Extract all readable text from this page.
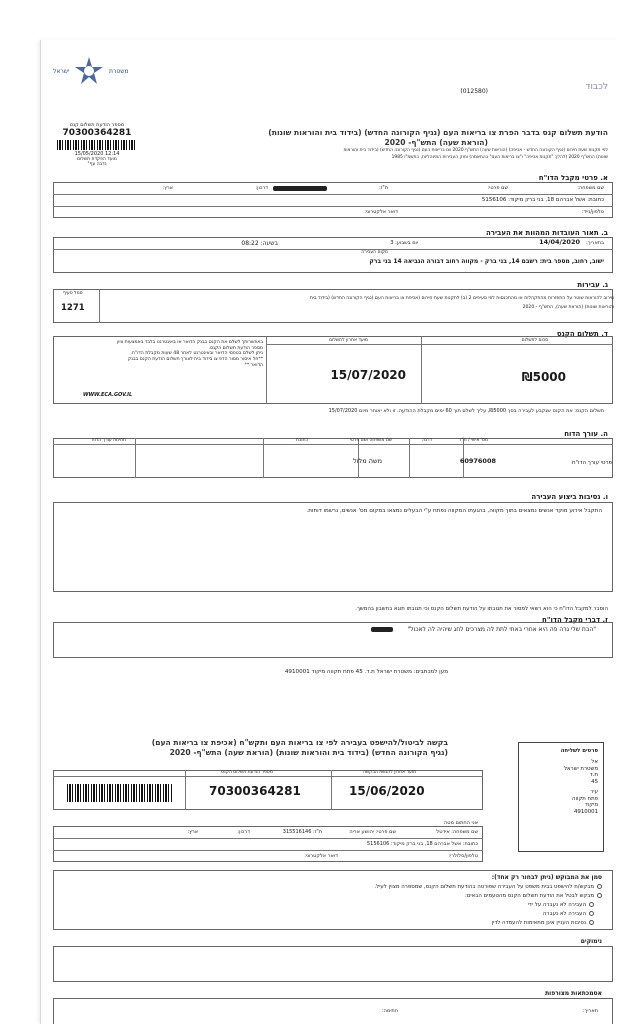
לכבוד
(012580)
ישראל	משטרת
הודעת תשלום קנס בדבר הפרת צו בריאות העם (נגיף הקורונה החדש) (בידוד בית והוראות שונות)
(הוראת שעה) התש"ף- 2020
לפי תקנות שעת חירום (נגיף הקורונה החדש - אכיפה) (הוראות שעה) התש"ף 2020 וצו בריאות העם (נגיף הקורונה החדש) (בידוד בית והוראות
שונות) התש"ף 2020 (להלן: "תקנות אכיפה" ו"צו בריאות העם" בהתאמה) וחוק העבירות המינהליות, התשמ"ו 1985
מספר הודעת תשלום קנס
70300364281
15/05/2020 12:14
מועד הפקדת תשלום
נדבה עף"
א. פרטי מקבל הדו"ח
שם משפחה:
שם פרטי:
ת"ז:
דרכון:
ארץ:
כתובת: אשל אברהם 18, בני ברק מיקוד: 5156106
טלפון/נייד:
דואר אלקטרוני:
ב. תאור העובדות המהוות את העבירה
בתאריך:
14/04/2020
יום בשבוע: 3
בשעה: 08:22
מקום העבירה
ישוב, רחוב, מספר בית: רשבם 14, בני ברק - מקווה רחוב דבורה הנביאה 14 בני ברק
ג. עבירות
סמל סעיף
1271
סירוב להוראות שוטר על התפזרות מהתקהלות או מהתכנסות לפי סעיפים 2 (ב) לתקנות שעת חירום (אכיפת צו בריאות העם (נגיף הקורונה החדש) (בידוד בית
והוראות שונות) (הוראת שעה), התש"ף - 2020
ד. תשלום הקנס
סכום לתשלום
₪5000
מועד אחרון לתשלום
15/07/2020
באפשרותך לשלם את הקנס בבנק הדואר או באינטרנט בלבד באמצעות ציון
מספר הודעת תשלום הקנס.
ניתן לשלם בטפסי הדואר ובאינטרנט לאחר 48 שעות מקבלת הדו"ח.
**חל איסור מסור הדפ צו בידוד בית לצורך תשלום הודעת הקנס בבנק
הדואר.**
WWW.ECA.GOV.IL
תשלום הקנס: את הקנס שנקבע לעבירה בסך ₪5000, עליך לשלם תוך 60 ימים מקבלת ההודעה. זו ולא יאוחר מיום 15/07/2020
ה. עורך הדוח
מס' אישי / ת"ז
דרגה
שם משפחה ושם פרטי
כתובת
חתימת עורך הדוח
פרטי עורך הדו"ח
60976008
משה מלול
ו. נסיבות ביצוע העבירה
התקבל אירוע מוקד אנשים נמצאים בתוך מקווה, בהגעתו המקווה נפתח ע"י הבעלים נמצאו במקום מס' אנשים, נרשמו דוחות.
הוסבר למקבל הדו"ח כי הוא רשאי למסור את תגובתו על הודעת תשלום הקנס וכי תגובתו תוגא בחשבון בהמשך.
ז. דברי מקבל הדו"ח
"הבת שלי גרה פה היא אחרי באתי לתת לה מצרכים לחג שיהיה לה לאכול"
מען למכתבים: משטרת ישראל ת.ד. 45 פתח תקווה מיקוד 4910001
בקשה לביטול/להישפט בעבירה לפי צו בריאות העם ותקש"ח (אכיפת צו בריאות העם)
(נגיף הקורונה החדש) (בידוד בית והוראות שונות) (הוראת שעה) התש"ף- 2020	פרטים לשליחה
אל
משטרת ישראל
ת.ד
45
עיר
פתח תקווה
מיקוד
4910001
מספר הודעת תשלום הקנס
70300364281
מועד אחרון להגשת הבקשה
15/06/2020
אני החתום מטה
שם משפחה: אידטל
שם פרטי: יהושע אריה
ת"ז: 315516146
דרכון:
ארץ:
כתובת: אשל אברהם 18, בני ברק מיקוד: 5156106
טלפון/סלולרי:
דואר אלקטרוני:
סמן את המבוקש (ניתן לבחור רק אחד):
מבקש/ת להישפט בבית משפט על העבירה שפורטה בהודעת תשלום הקנס, שמספרה מצוין לעיל.
מבקש לבטל את הודעת תשלום הקנס מהטעמים הבאים:
העבירה לא נעברה על ידי
העבירה לא נעברה
נסיבות העניין אינן מתאימות להעמדה לדין
נימוקים
אסמכתאות מצורפות
תאריך:
חתימה:
